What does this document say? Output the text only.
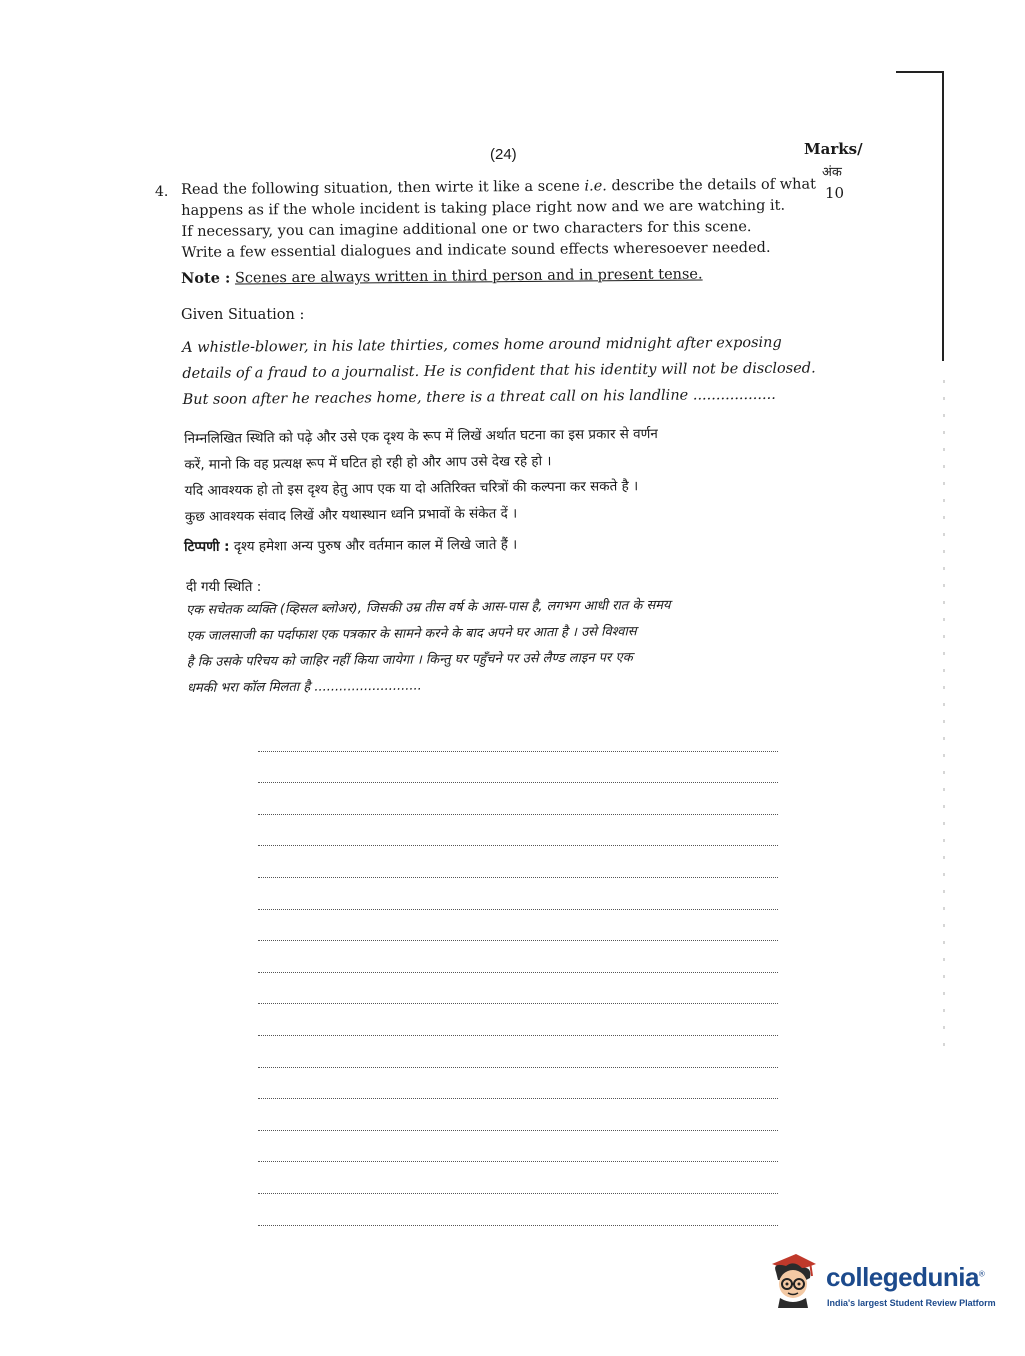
(24)	Marks/
अंक
10
4. Read the following situation, then wirte it like a scene i.e. describe the details of what
happens as if the whole incident is taking place right now and we are watching it.
If necessary, you can imagine additional one or two characters for this scene.
Write a few essential dialogues and indicate sound effects wheresoever needed.
Note : Scenes are always written in third person and in present tense.
Given Situation :
A whistle-blower, in his late thirties, comes home around midnight after exposing
details of a fraud to a journalist. He is confident that his identity will not be disclosed.
But soon after he reaches home, there is a threat call on his landline ..................
निम्नलिखित स्थिति को पढ़े और उसे एक दृश्य के रूप में लिखें अर्थात घटना का इस प्रकार से वर्णन
करें, मानो कि वह प्रत्यक्ष रूप में घटित हो रही हो और आप उसे देख रहे हो ।
यदि आवश्यक हो तो इस दृश्य हेतु आप एक या दो अतिरिक्त चरित्रों की कल्पना कर सकते है ।
कुछ आवश्यक संवाद लिखें और यथास्थान ध्वनि प्रभावों के संकेत दें ।
टिप्पणी : दृश्य हमेशा अन्य पुरुष और वर्तमान काल में लिखे जाते हैं ।
दी गयी स्थिति :
एक सचेतक व्यक्ति (व्हिसल ब्लोअर), जिसकी उम्र तीस वर्ष के आस-पास है, लगभग आधी रात के समय
एक जालसाजी का पर्दाफाश एक पत्रकार के सामने करने के बाद अपने घर आता है । उसे विश्वास
है कि उसके परिचय को जाहिर नहीं किया जायेगा । किन्तु घर पहुँचने पर उसे लैण्ड लाइन पर एक
धमकी भरा कॉल मिलता है ..........................
collegedunia®
India's largest Student Review Platform
